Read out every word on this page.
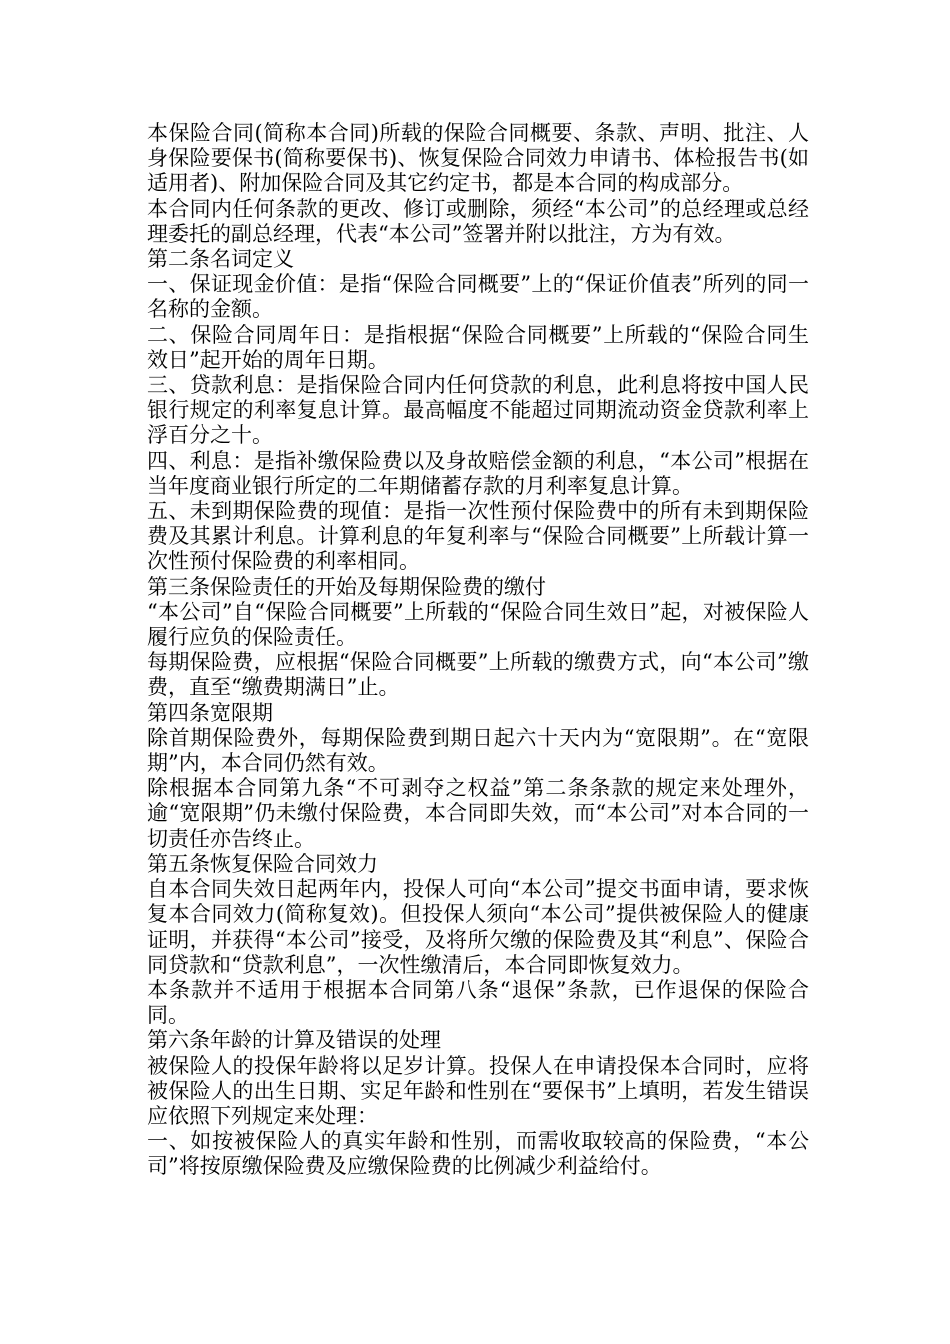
本保险合同(简称本合同)所载的保险合同概要、条款、声明、批注、人身保险要保书(简称要保书)、恢复保险合同效力申请书、体检报告书(如适用者)、附加保险合同及其它约定书，都是本合同的构成部分。

本合同内任何条款的更改、修订或删除，须经“本公司”的总经理或总经理委托的副总经理，代表“本公司”签署并附以批注，方为有效。

第二条名词定义

一、保证现金价值：是指“保险合同概要”上的“保证价值表”所列的同一名称的金额。

二、保险合同周年日：是指根据“保险合同概要”上所载的“保险合同生效日”起开始的周年日期。

三、贷款利息：是指保险合同内任何贷款的利息，此利息将按中国人民银行规定的利率复息计算。最高幅度不能超过同期流动资金贷款利率上浮百分之十。

四、利息：是指补缴保险费以及身故赔偿金额的利息，“本公司”根据在当年度商业银行所定的二年期储蓄存款的月利率复息计算。

五、未到期保险费的现值：是指一次性预付保险费中的所有未到期保险费及其累计利息。计算利息的年复利率与“保险合同概要”上所载计算一次性预付保险费的利率相同。

第三条保险责任的开始及每期保险费的缴付

“本公司”自“保险合同概要”上所载的“保险合同生效日”起，对被保险人履行应负的保险责任。

每期保险费，应根据“保险合同概要”上所载的缴费方式，向“本公司”缴费，直至“缴费期满日”止。

第四条宽限期

除首期保险费外，每期保险费到期日起六十天内为“宽限期”。在“宽限期”内，本合同仍然有效。

除根据本合同第九条“不可剥夺之权益”第二条条款的规定来处理外，逾“宽限期”仍未缴付保险费，本合同即失效，而“本公司”对本合同的一切责任亦告终止。

第五条恢复保险合同效力

自本合同失效日起两年内，投保人可向“本公司”提交书面申请，要求恢复本合同效力(简称复效)。但投保人须向“本公司”提供被保险人的健康证明，并获得“本公司”接受，及将所欠缴的保险费及其“利息”、保险合同贷款和“贷款利息”，一次性缴清后，本合同即恢复效力。

本条款并不适用于根据本合同第八条“退保”条款，已作退保的保险合同。

第六条年龄的计算及错误的处理

被保险人的投保年龄将以足岁计算。投保人在申请投保本合同时，应将被保险人的出生日期、实足年龄和性别在“要保书”上填明，若发生错误应依照下列规定来处理：

一、如按被保险人的真实年龄和性别，而需收取较高的保险费，“本公司”将按原缴保险费及应缴保险费的比例减少利益给付。
